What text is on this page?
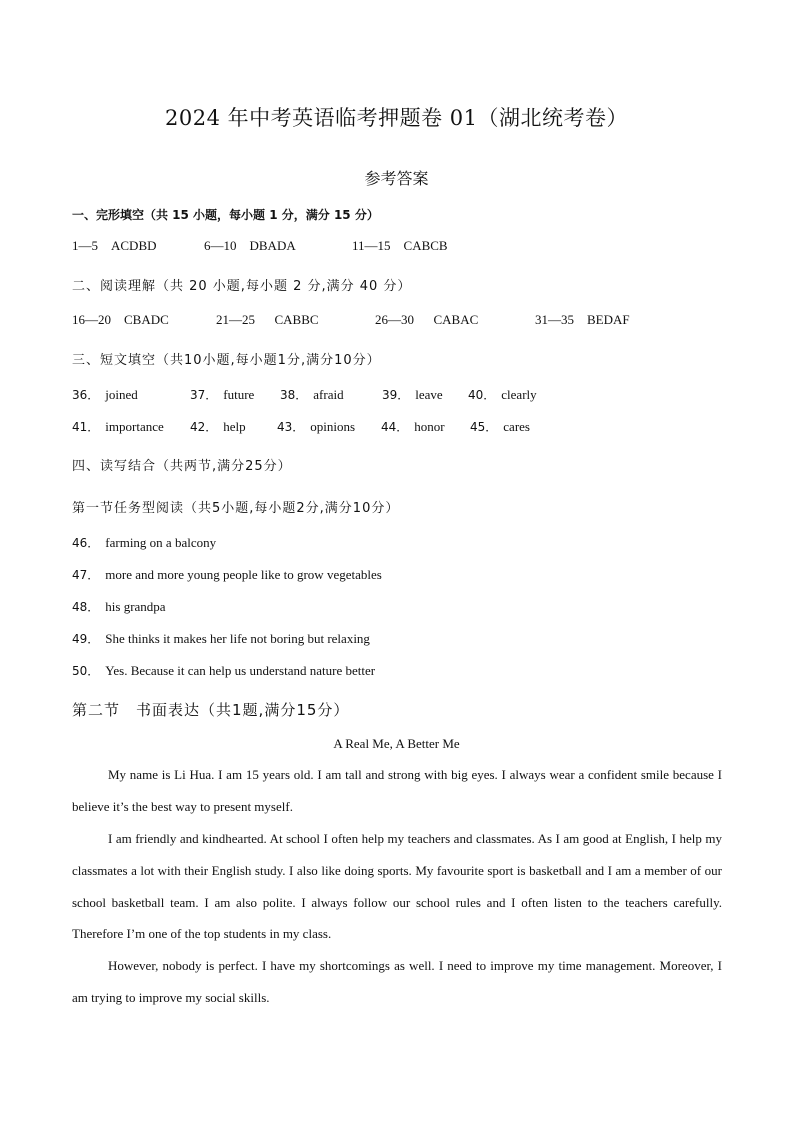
2024 年中考英语临考押题卷 01（湖北统考卷）
参考答案
一、完形填空（共 15 小题，每小题 1 分，满分 15 分）
1—5 ACDBD	6—10 DBADA	11—15 CABCB
二、阅读理解（共 20 小题,每小题 2 分,满分 40 分）
16—20 CBADC	21—25 CABBC	26—30 CABAC	31—35 BEDAF
三、短文填空（共10小题,每小题1分,满分10分）
36． joined	37． future 38． afraid	39． leave 40． clearly
41． importance 42． help	43． opinions 44． honor 45． cares
四、读写结合（共两节,满分25分）
第一节任务型阅读（共5小题,每小题2分,满分10分）
46． farming on a balcony
47． more and more young people like to grow vegetables
48． his grandpa
49． She thinks it makes her life not boring but relaxing
50． Yes. Because it can help us understand nature better
第二节　书面表达（共1题,满分15分）
A Real Me, A Better Me
My name is Li Hua. I am 15 years old. I am tall and strong with big eyes. I always wear a confident smile because I believe it’s the best way to present myself.
I am friendly and kindhearted. At school I often help my teachers and classmates. As I am good at English, I help my classmates a lot with their English study. I also like doing sports. My favourite sport is basketball and I am a member of our school basketball team. I am also polite. I always follow our school rules and I often listen to the teachers carefully. Therefore I’m one of the top students in my class.
However, nobody is perfect. I have my shortcomings as well. I need to improve my time management. Moreover, I am trying to improve my social skills.
